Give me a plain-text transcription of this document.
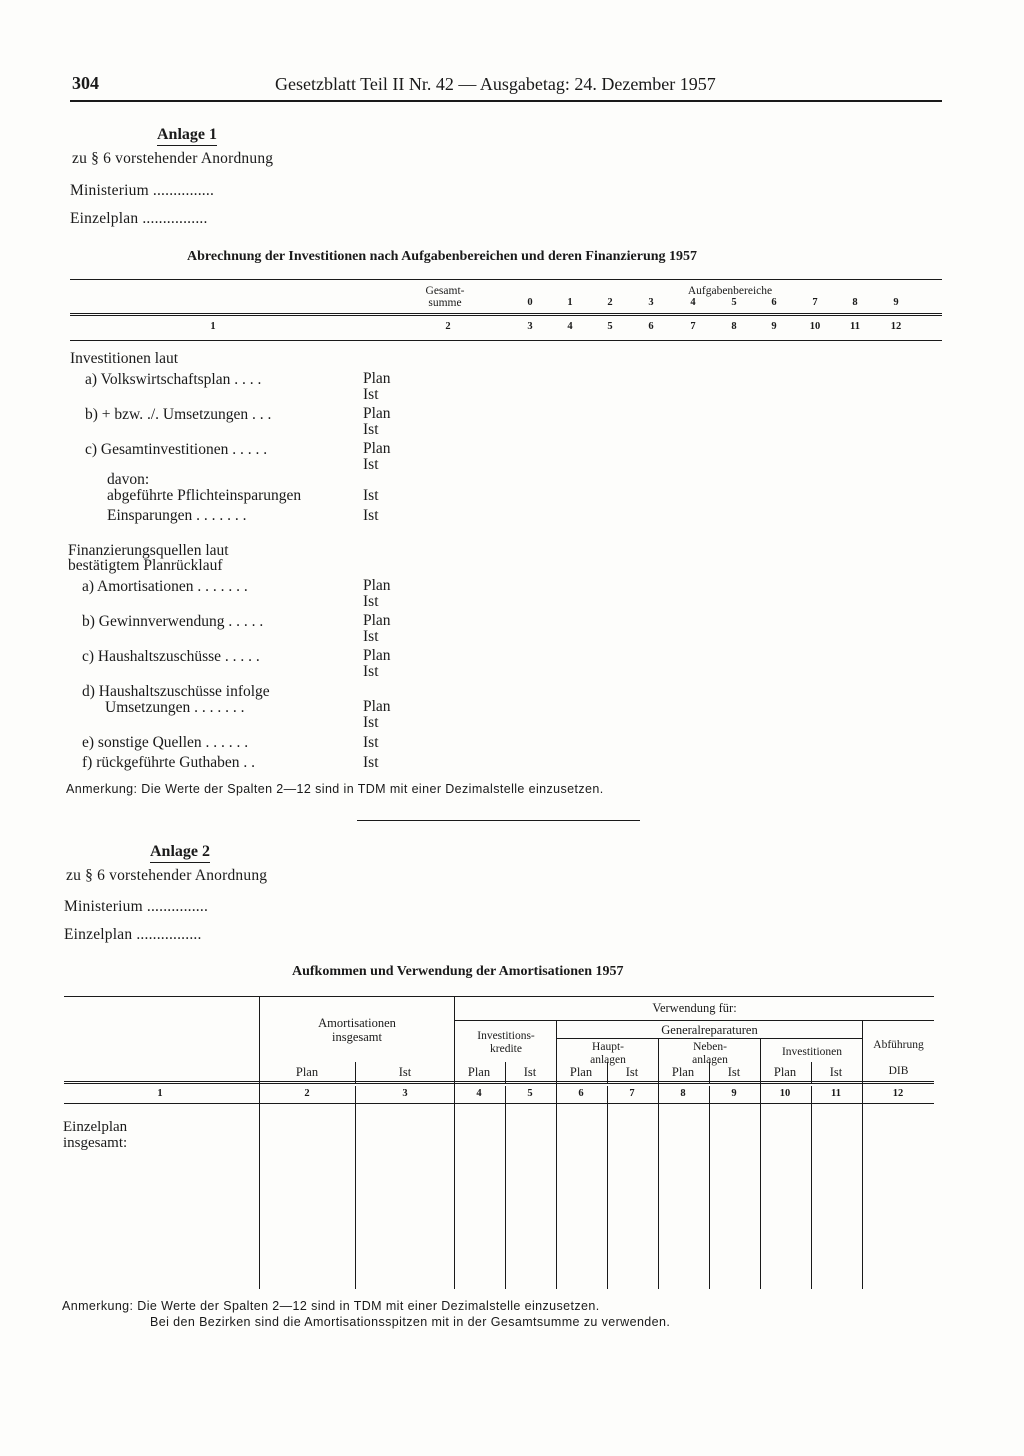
304	Gesetzblatt Teil II Nr. 42 — Ausgabetag: 24. Dezember 1957
Anlage 1
zu § 6 vorstehender Anordnung
Ministerium ...............
Einzelplan ................
Abrechnung der Investitionen nach Aufgabenbereichen und deren Finanzierung 1957
Gesamt-
summe
Aufgabenbereiche
0	1	2	3	4	5	6	7	8	9
1	2	3	4	5	6	7	8	9	10	11	12
Investitionen laut
a) Volkswirtschaftsplan . . . .	Plan
Ist
b) + bzw. ./. Umsetzungen . . .	Plan
Ist
c) Gesamtinvestitionen . . . . .	Plan
Ist
davon:
abgeführte Pflichteinsparungen	Ist
Einsparungen . . . . . . .	Ist
Finanzierungsquellen laut
bestätigtem Planrücklauf
a) Amortisationen . . . . . . .	Plan
Ist
b) Gewinnverwendung . . . . .	Plan
Ist
c) Haushaltszuschüsse . . . . .	Plan
Ist
d) Haushaltszuschüsse infolge
Umsetzungen . . . . . . .	Plan
Ist
e) sonstige Quellen . . . . . .	Ist
f) rückgeführte Guthaben . .	Ist
Anmerkung: Die Werte der Spalten 2—12 sind in TDM mit einer Dezimalstelle einzusetzen.
Anlage 2
zu § 6 vorstehender Anordnung
Ministerium ...............
Einzelplan ................
Aufkommen und Verwendung der Amortisationen 1957
Amortisationen
insgesamt
Verwendung für:
Investitions-
kredite
Generalreparaturen
Haupt-
anlagen
Neben-
anlagen
Investitionen
Abführung
DIB
Plan	Ist	Plan	Ist	Plan	Ist	Plan	Ist	Plan	Ist
1	2	3	4	5	6	7	8	9	10	11	12
Einzelplan
insgesamt:
Anmerkung: Die Werte der Spalten 2—12 sind in TDM mit einer Dezimalstelle einzusetzen.
Bei den Bezirken sind die Amortisationsspitzen mit in der Gesamtsumme zu verwenden.
